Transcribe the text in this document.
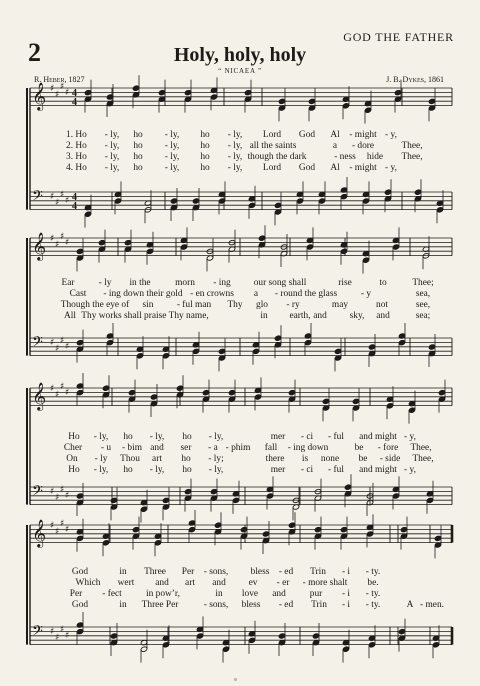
2
GOD THE FATHER
Holy, holy, holy
“ NICAEA ”
R. Heber, 1827	J. B. Dykes, 1861
𝄞 ♯
♯
♯
♯ 4
4
𝄢 ♯
♯
♯
♯ 4
4
𝄞 ♯
♯
♯
♯
𝄢 ♯
♯
♯
♯
𝄞 ♯
♯
♯
♯
𝄢 ♯
♯
♯
♯
𝄞 ♯
♯
♯
♯
𝄢 ♯
♯
♯
♯
1. Ho - ly, ho - ly, ho - ly, Lord God Al - might - y,
2. Ho - ly, ho - ly, ho - ly, all the saints	a - dore	Thee,
3. Ho - ly, ho - ly, ho - ly, though the dark	- ness hide Thee,
4. Ho - ly, ho - ly, ho - ly, Lord God Al - might - y,
Ear	- ly in the	morn - ing our song shall	rise	to	Thee;
Cast - ing down their gold - en crowns a - round the glass	- y	sea,
Though the eye of sin - ful man Thy glo - ry	may	not	see,
All Thy works shall praise Thy name,	in earth, and sky, and	sea;
Ho - ly, ho - ly, ho - ly,	mer - ci - ful and might - y,
Cher - u - bim and ser - a - phim fall - ing down	be - fore Thee,
On - ly Thou art ho - ly;	there is none be - side Thee,
Ho - ly, ho - ly, ho - ly,	mer - ci - ful and might - y,
God	in Three Per - sons, bless - ed Trin - i - ty.
Which wert and art and ev - er - more shalt be.
Per - fect	in pow’r,	in love and	pur - i - ty.
God	in Three Per	- sons, bless - ed Trin - i - ty.	A - men.
